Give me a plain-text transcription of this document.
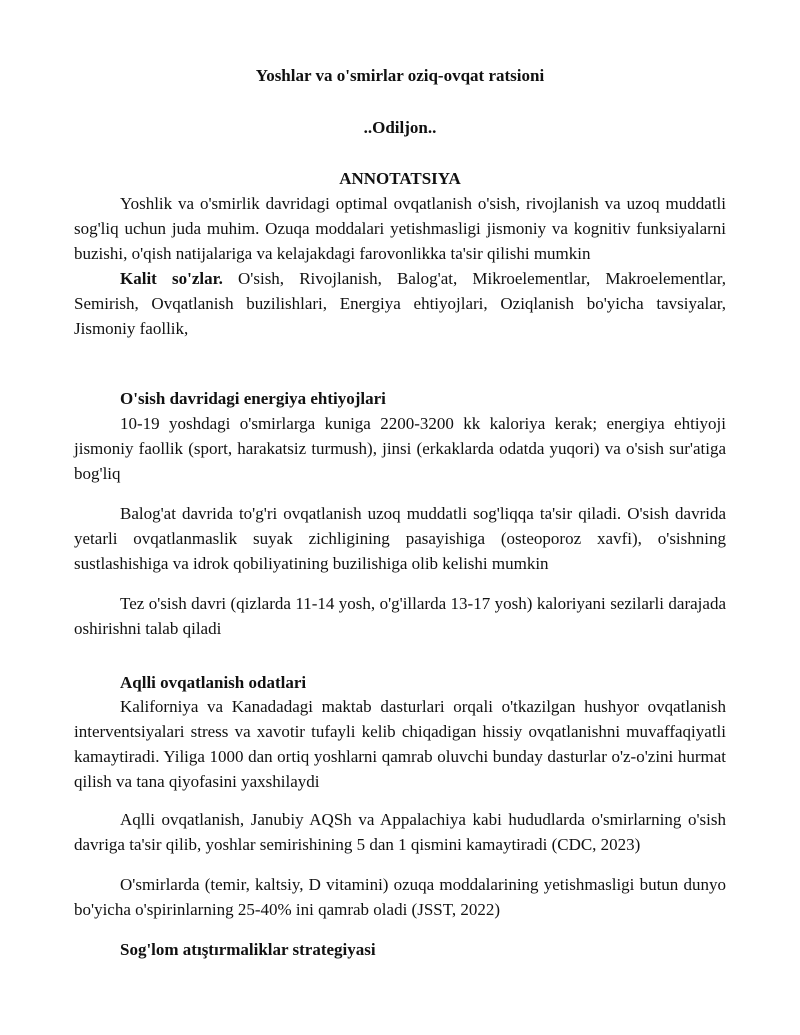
Yoshlar va o'smirlar oziq-ovqat ratsioni

..Odiljon..

ANNOTATSIYA

Yoshlik va o'smirlik davridagi optimal ovqatlanish o'sish, rivojlanish va uzoq muddatli sog'liq uchun juda muhim. Ozuqa moddalari yetishmasligi jismoniy va kognitiv funksiyalarni buzishi, o'qish natijalariga va kelajakdagi farovonlikka ta'sir qilishi mumkin

Kalit so'zlar. O'sish, Rivojlanish, Balog'at, Mikroelementlar, Makroelementlar, Semirish, Ovqatlanish buzilishlari, Energiya ehtiyojlari, Oziqlanish bo'yicha tavsiyalar, Jismoniy faollik,

O'sish davridagi energiya ehtiyojlari

10-19 yoshdagi o'smirlarga kuniga 2200-3200 kk kaloriya kerak; energiya ehtiyoji jismoniy faollik (sport, harakatsiz turmush), jinsi (erkaklarda odatda yuqori) va o'sish sur'atiga bog'liq

Balog'at davrida to'g'ri ovqatlanish uzoq muddatli sog'liqqa ta'sir qiladi. O'sish davrida yetarli ovqatlanmaslik suyak zichligining pasayishiga (osteoporoz xavfi), o'sishning sustlashishiga va idrok qobiliyatining buzilishiga olib kelishi mumkin

Tez o'sish davri (qizlarda 11-14 yosh, o'g'illarda 13-17 yosh) kaloriyani sezilarli darajada oshirishni talab qiladi

Aqlli ovqatlanish odatlari

Kaliforniya va Kanadadagi maktab dasturlari orqali o'tkazilgan hushyor ovqatlanish interventsiyalari stress va xavotir tufayli kelib chiqadigan hissiy ovqatlanishni muvaffaqiyatli kamaytiradi. Yiliga 1000 dan ortiq yoshlarni qamrab oluvchi bunday dasturlar o'z-o'zini hurmat qilish va tana qiyofasini yaxshilaydi

Aqlli ovqatlanish, Janubiy AQSh va Appalachiya kabi hududlarda o'smirlarning o'sish davriga ta'sir qilib, yoshlar semirishining 5 dan 1 qismini kamaytiradi (CDC, 2023)

O'smirlarda (temir, kaltsiy, D vitamini) ozuqa moddalarining yetishmasligi butun dunyo bo'yicha o'spirinlarning 25-40% ini qamrab oladi (JSST, 2022)

Sog'lom atıştırmaliklar strategiyasi
